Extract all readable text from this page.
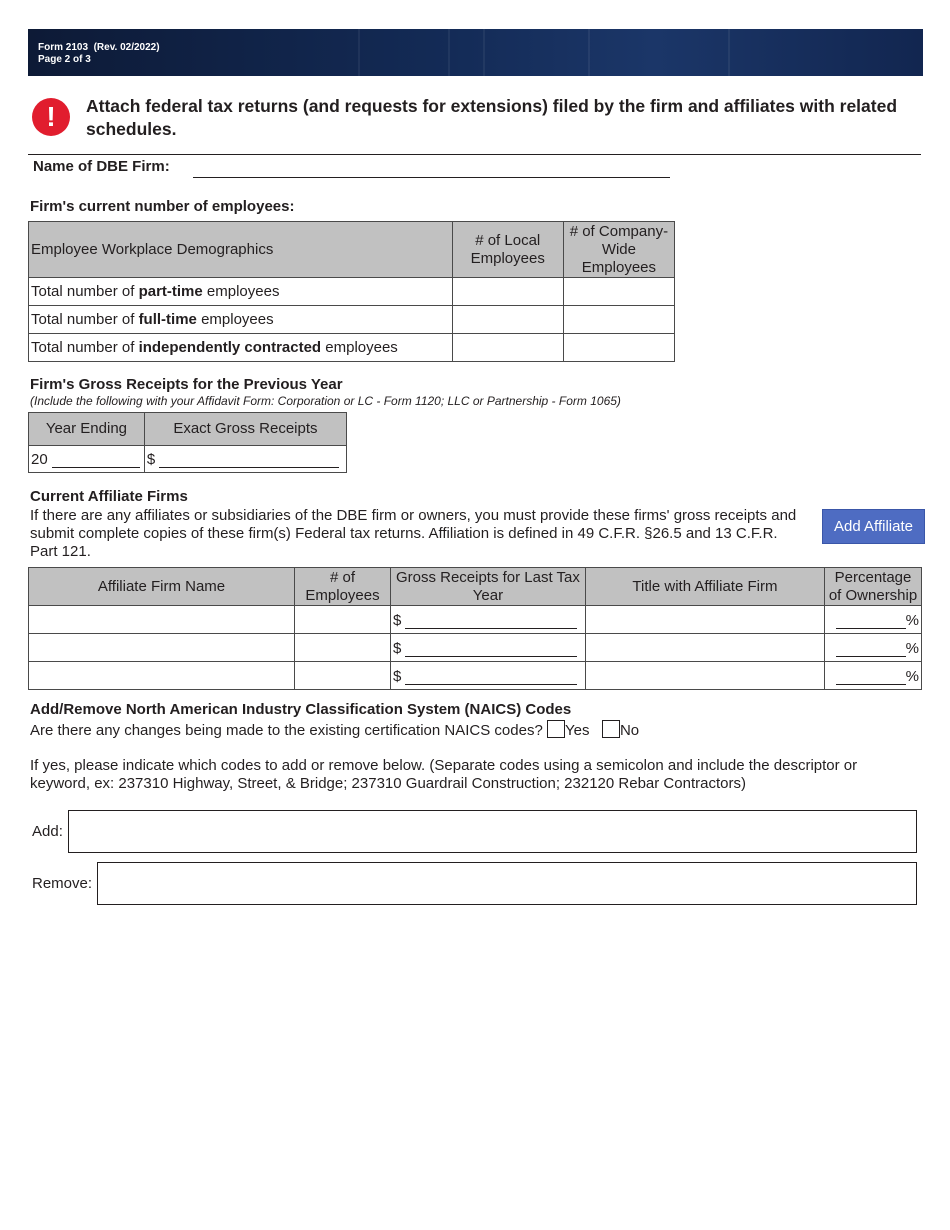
Form 2103  (Rev. 02/2022)
Page 2 of 3
!	Attach federal tax returns (and requests for extensions) filed by the firm and affiliates with related schedules.
Name of DBE Firm:
Firm's current number of employees:
Employee Workplace Demographics	# of Local Employees	# of Company-Wide Employees
Total number of part-time employees		
Total number of full-time employees		
Total number of independently contracted employees		
Firm's Gross Receipts for the Previous Year
(Include the following with your Affidavit Form: Corporation or LC - Form 1120; LLC or Partnership - Form 1065)
Year Ending	Exact Gross Receipts
20	$
Current Affiliate Firms
If there are any affiliates or subsidiaries of the DBE firm or owners, you must provide these firms' gross receipts and submit complete copies of these firm(s) Federal tax returns. Affiliation is defined in 49 C.F.R. §26.5 and 13 C.F.R. Part 121.
Add Affiliate
Affiliate Firm Name	# of Employees	Gross Receipts for Last Tax Year	Title with Affiliate Firm	Percentage of Ownership
		$		%
		$		%
		$		%
Add/Remove North American Industry Classification System (NAICS) Codes
Are there any changes being made to the existing certification NAICS codes? Yes No
If yes, please indicate which codes to add or remove below. (Separate codes using a semicolon and include the descriptor or keyword, ex: 237310 Highway, Street, & Bridge; 237310 Guardrail Construction; 232120 Rebar Contractors)
Add:
Remove:
